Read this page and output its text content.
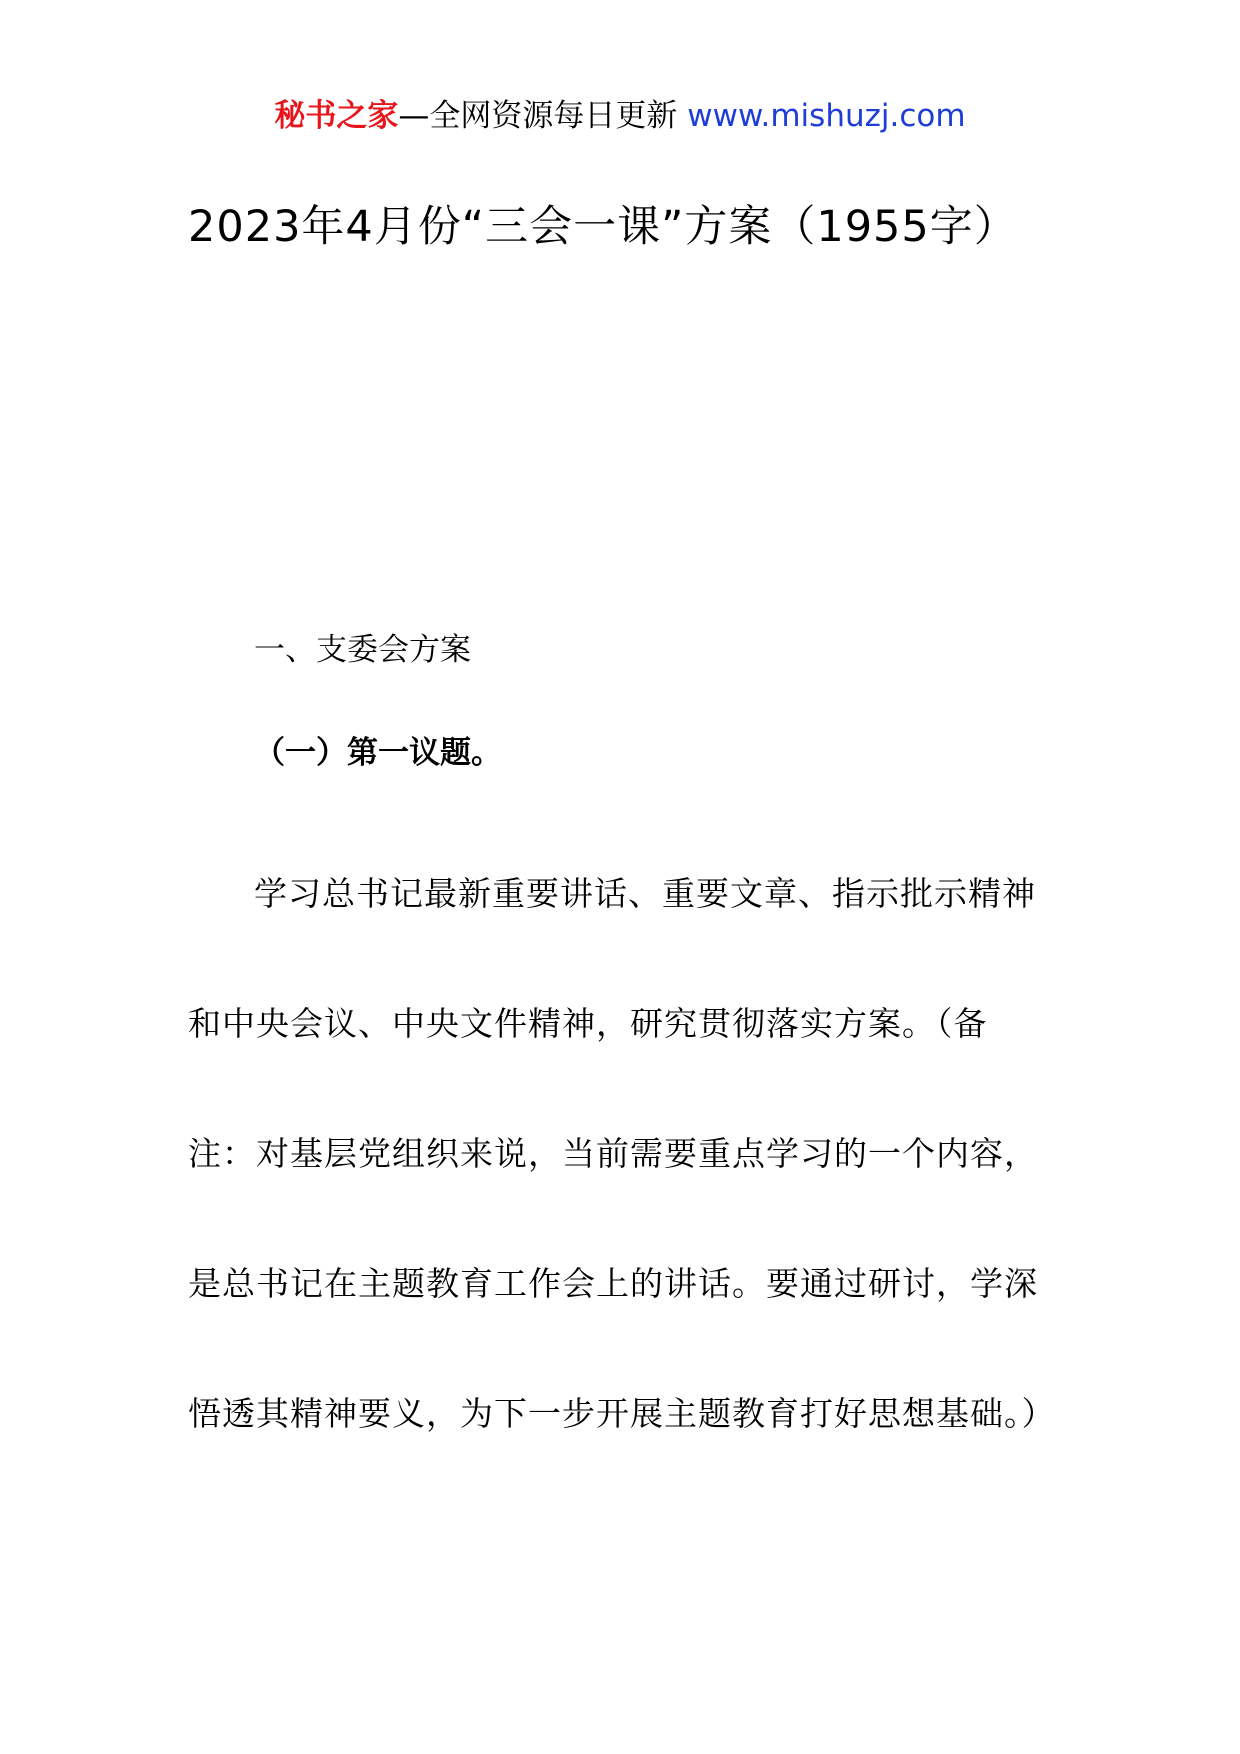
秘书之家—全网资源每日更新 www.mishuzj.com
2023年4月份“三会一课”方案（1955字）
一、支委会方案
（一）第一议题。

学习总书记最新重要讲话、重要文章、指示批示精神和中央会议、中央文件精神，研究贯彻落实方案。（备注：对基层党组织来说，当前需要重点学习的一个内容，是总书记在主题教育工作会上的讲话。要通过研讨，学深悟透其精神要义，为下一步开展主题教育打好思想基础。）
